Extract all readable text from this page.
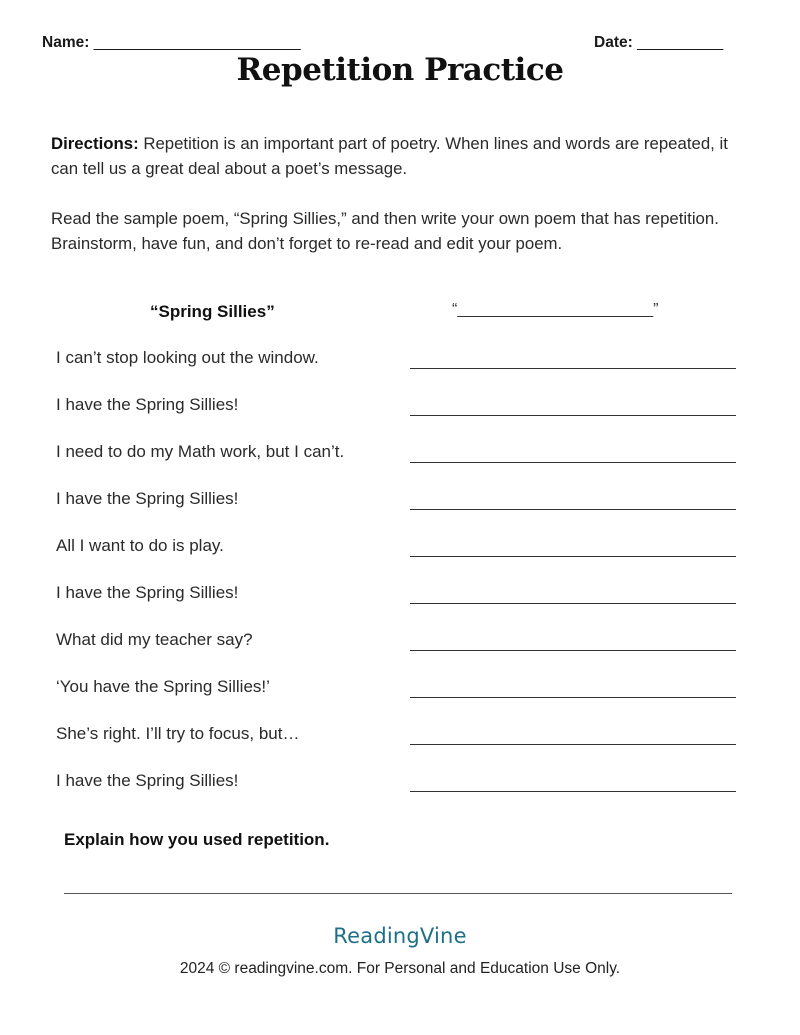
Name: ________________________	Date: __________
Repetition Practice
Directions: Repetition is an important part of poetry. When lines and words are repeated, it can tell us a great deal about a poet’s message.
Read the sample poem, “Spring Sillies,” and then write your own poem that has repetition. Brainstorm, have fun, and don’t forget to re-read and edit your poem.
“Spring Sillies”	“______________________”
I can’t stop looking out the window.
I have the Spring Sillies!
I need to do my Math work, but I can’t.
I have the Spring Sillies!
All I want to do is play.
I have the Spring Sillies!
What did my teacher say?
‘You have the Spring Sillies!’
She’s right. I’ll try to focus, but…
I have the Spring Sillies!
Explain how you used repetition.
ReadingVine
2024 © readingvine.com. For Personal and Education Use Only.
